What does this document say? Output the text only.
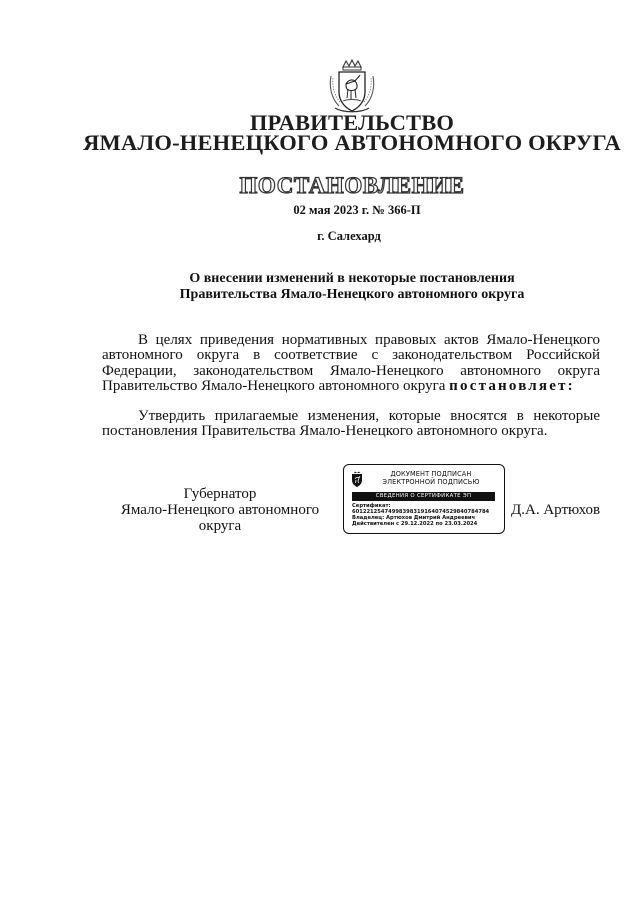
ПРАВИТЕЛЬСТВО
ЯМАЛО-НЕНЕЦКОГО АВТОНОМНОГО ОКРУГА
ПОСТАНОВЛЕНИЕ
02 мая 2023 г. № 366-П
г. Салехард
О внесении изменений в некоторые постановления
Правительства Ямало-Ненецкого автономного округа
В целях приведения нормативных правовых актов Ямало-Ненецкого автономного округа в соответствие с законодательством Российской Федерации, законодательством Ямало-Ненецкого автономного округа Правительство Ямало-Ненецкого автономного округа постановляет:
Утвердить прилагаемые изменения, которые вносятся в некоторые постановления Правительства Ямало-Ненецкого автономного округа.
Губернатор
Ямало-Ненецкого автономного округа
ДОКУМЕНТ ПОДПИСАН
ЭЛЕКТРОННОЙ ПОДПИСЬЮ
СВЕДЕНИЯ О СЕРТИФИКАТЕ ЭП
Сертификат:
6012212547499839831916407452984078478​4
Владелец: Артюхов Дмитрий Андреевич
Действителен с 29.12.2022 по 23.03.2024
Д.А. Артюхов
